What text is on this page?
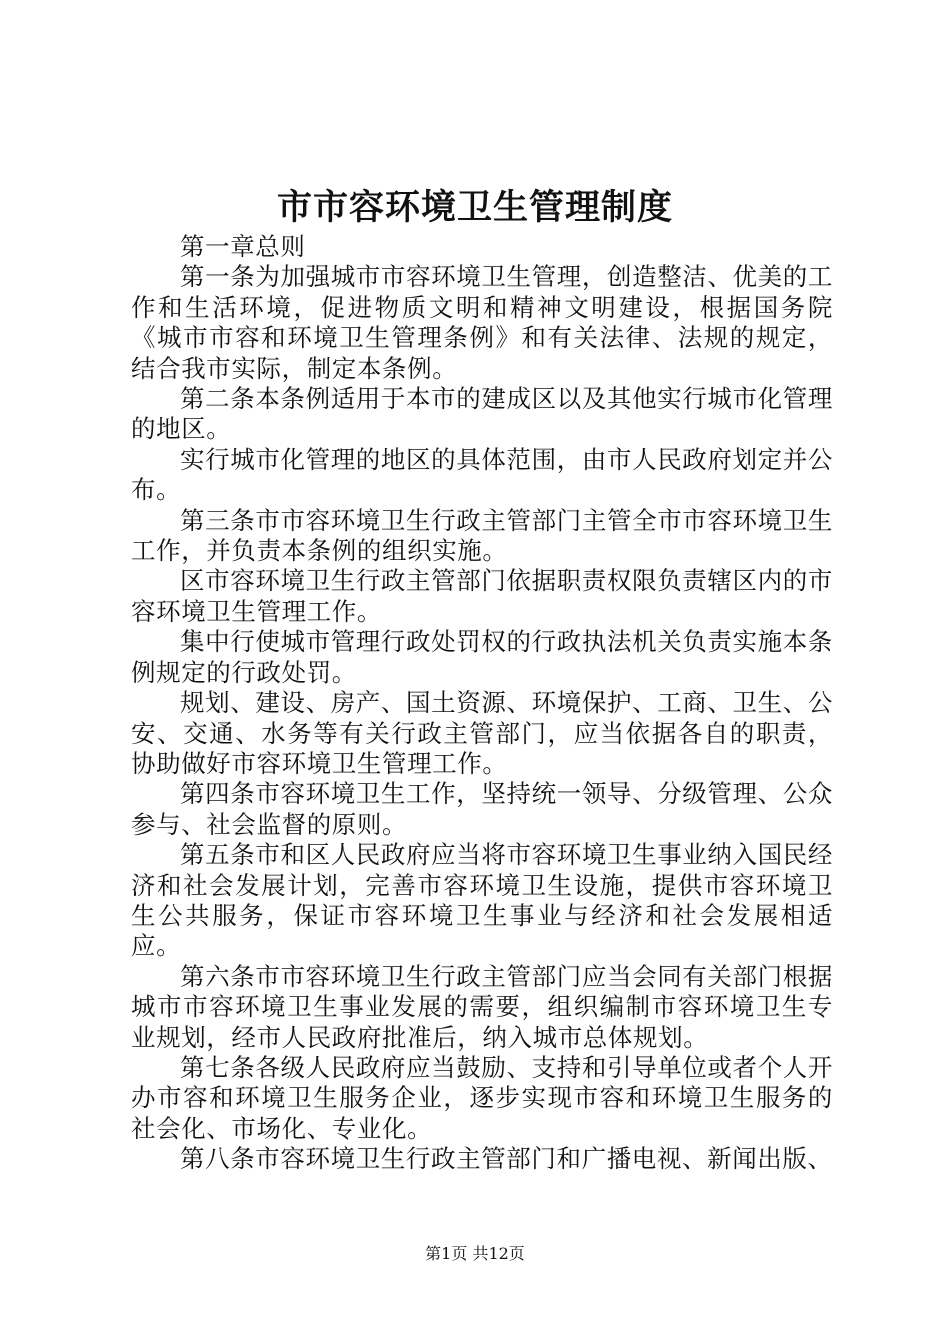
市市容环境卫生管理制度

第一章总则

第一条为加强城市市容环境卫生管理，创造整洁、优美的工作和生活环境，促进物质文明和精神文明建设，根据国务院《城市市容和环境卫生管理条例》和有关法律、法规的规定，结合我市实际，制定本条例。

第二条本条例适用于本市的建成区以及其他实行城市化管理的地区。

实行城市化管理的地区的具体范围，由市人民政府划定并公布。

第三条市市容环境卫生行政主管部门主管全市市容环境卫生工作，并负责本条例的组织实施。

区市容环境卫生行政主管部门依据职责权限负责辖区内的市容环境卫生管理工作。

集中行使城市管理行政处罚权的行政执法机关负责实施本条例规定的行政处罚。

规划、建设、房产、国土资源、环境保护、工商、卫生、公安、交通、水务等有关行政主管部门，应当依据各自的职责，协助做好市容环境卫生管理工作。

第四条市容环境卫生工作，坚持统一领导、分级管理、公众参与、社会监督的原则。

第五条市和区人民政府应当将市容环境卫生事业纳入国民经济和社会发展计划，完善市容环境卫生设施，提供市容环境卫生公共服务，保证市容环境卫生事业与经济和社会发展相适应。

第六条市市容环境卫生行政主管部门应当会同有关部门根据城市市容环境卫生事业发展的需要，组织编制市容环境卫生专业规划，经市人民政府批准后，纳入城市总体规划。

第七条各级人民政府应当鼓励、支持和引导单位或者个人开办市容和环境卫生服务企业，逐步实现市容和环境卫生服务的社会化、市场化、专业化。

第八条市容环境卫生行政主管部门和广播电视、新闻出版、

第1页 共12页
